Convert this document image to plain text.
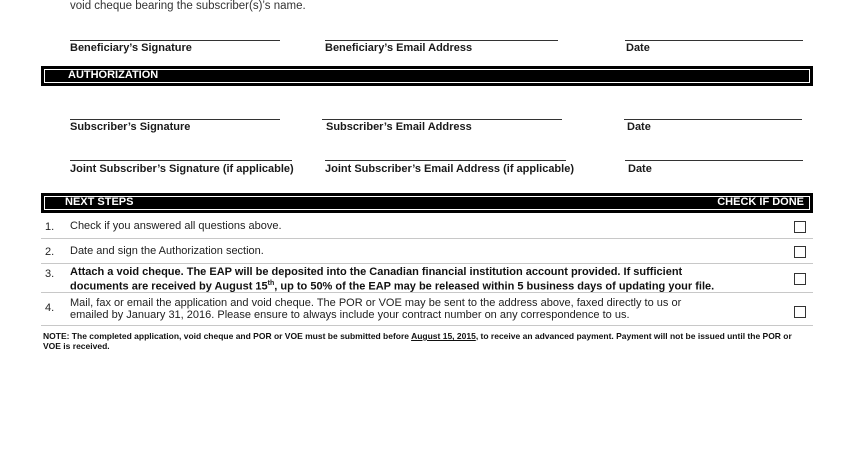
void cheque bearing the subscriber(s)’s name.
Beneficiary’s Signature	Beneficiary’s Email Address	Date
AUTHORIZATION
Subscriber’s Signature	Subscriber’s Email Address	Date
Joint Subscriber’s Signature (if applicable)	Joint Subscriber’s Email Address (if applicable)	Date
NEXT STEPS	CHECK IF DONE
1. Check if you answered all questions above.
2. Date and sign the Authorization section.
3. Attach a void cheque. The EAP will be deposited into the Canadian financial institution account provided. If sufficient
documents are received by August 15th, up to 50% of the EAP may be released within 5 business days of updating your file.
4. Mail, fax or email the application and void cheque. The POR or VOE may be sent to the address above, faxed directly to us or
emailed by January 31, 2016. Please ensure to always include your contract number on any correspondence to us.
NOTE: The completed application, void cheque and POR or VOE must be submitted before August 15, 2015, to receive an advanced payment. Payment will not be issued until the POR or VOE is received.
